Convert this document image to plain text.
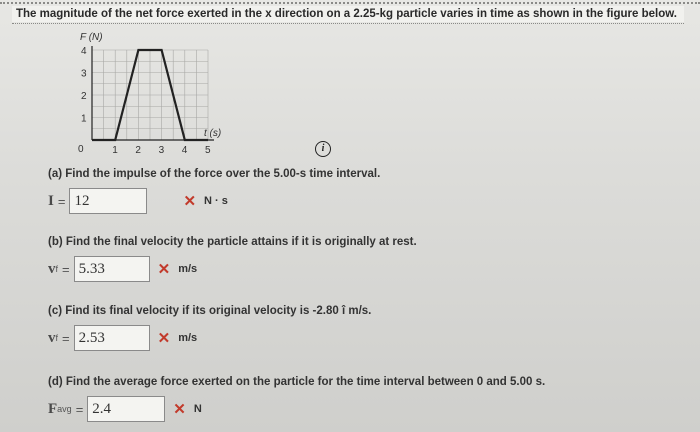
The magnitude of the net force exerted in the x direction on a 2.25-kg particle varies in time as shown in the figure below.
F (N)
t (s)
0	1 2 3 4 5
1
2
3
4
i
(a) Find the impulse of the force over the 5.00-s time interval.
I = 12	✕ N · s
(b) Find the final velocity the particle attains if it is originally at rest.
v f = 5.33	✕ m/s
(c) Find its final velocity if its original velocity is -2.80 î m/s.
v f = 2.53	✕ m/s
(d) Find the average force exerted on the particle for the time interval between 0 and 5.00 s.
F avg = 2.4	✕ N
